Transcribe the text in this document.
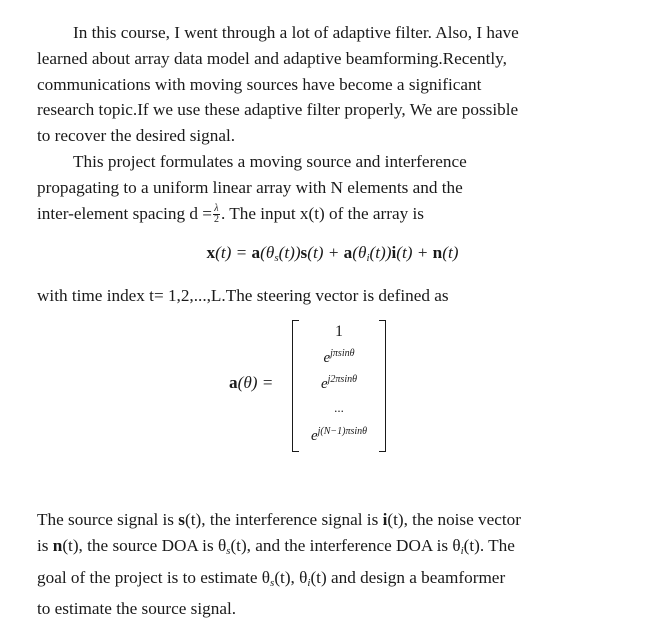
In this course, I went through a lot of adaptive filter. Also, I have
learned about array data model and adaptive beamforming.Recently,
communications with moving sources have become a significant
research topic.If we use these adaptive filter properly, We are possible
to recover the desired signal.

This project formulates a moving source and interference
propagating to a uniform linear array with N elements and the
inter-element spacing $d = \frac{\lambda}{2}$ . The input x(t) of the array is

$x(t) = a(\theta_s(t))s(t) + a(\theta_i(t))i(t) + n(t)$

with time index t= 1,2,...,L.The steering vector is defined as

a(θ) =
1
$e^{j\pi sin\theta}$
$e^{j2\pi sin\theta}$
...
$e^{j(N-1)\pi sin\theta}$

The source signal is s(t), the interference signal is i(t), the noise vector
is n(t), the source DOA is $\theta_s(t)$, and the interference DOA is $\theta_i(t)$. The
goal of the project is to estimate $\theta_s(t)$, $\theta_i(t)$ and design a beamformer
to estimate the source signal.
